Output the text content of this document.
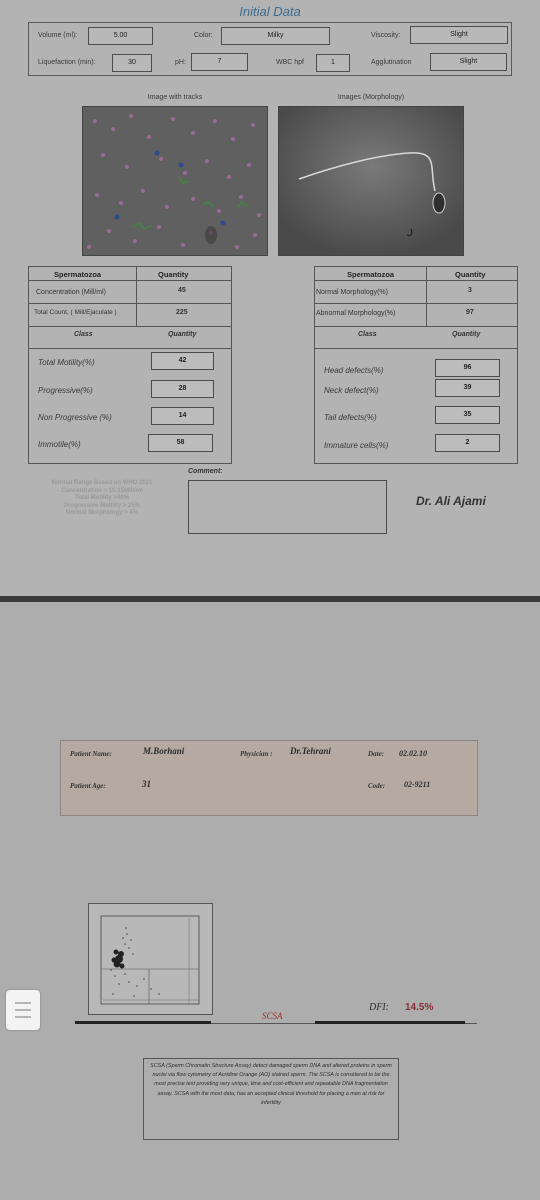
Initial Data
Volume (ml):	5.00	Color:	Milky	Viscosity:	Slight
Liquefaction (min):	30	pH:	7	WBC hpf	1	Agglutination	Slight
Image with tracks	Images (Morphology)
Spermatozoa	Quantity
Concentration (Mill/ml)	45
Total Count, ( Mill/Ejaculate )	225
Class	Quantity
Total Motility(%)	42
Progressive(%)	28
Non Progressive (%)	14
Immotile(%)	58
Spermatozoa	Quantity
Normal Morphology(%)	3
Abnormal Morphology(%)	97
Class	Quantity
Head defects(%)	96
Neck defect(%)	39
Tail defects(%)	35
Immature cells(%)	2
Normal Range Based on WHO 2021
Concentration > 10-15Mill/ml
Total Motility >40%
Progressive Motility > 25%
Normal Morphology > 4%
Comment:
Dr. Ali Ajami
Patient Name:	M.Borhani	Physician : Dr.Tehrani	Date: 02.02.10
Patient Age:	31	Code: 02-9211
SCSA
DFI: 14.5%
SCSA (Sperm Chromatin Structure Assay) detect damaged sperm DNA and altered proteins in sperm nuclei via flow cytometry of Acridine Orange (AO) stained sperm. The SCSA is considered to be the most precise test providing very unique, time and cost-efficient and repeatable DNA fragmentation assay. SCSA with the most data, has an accepted clinical threshold for placing a man at risk for infertility
